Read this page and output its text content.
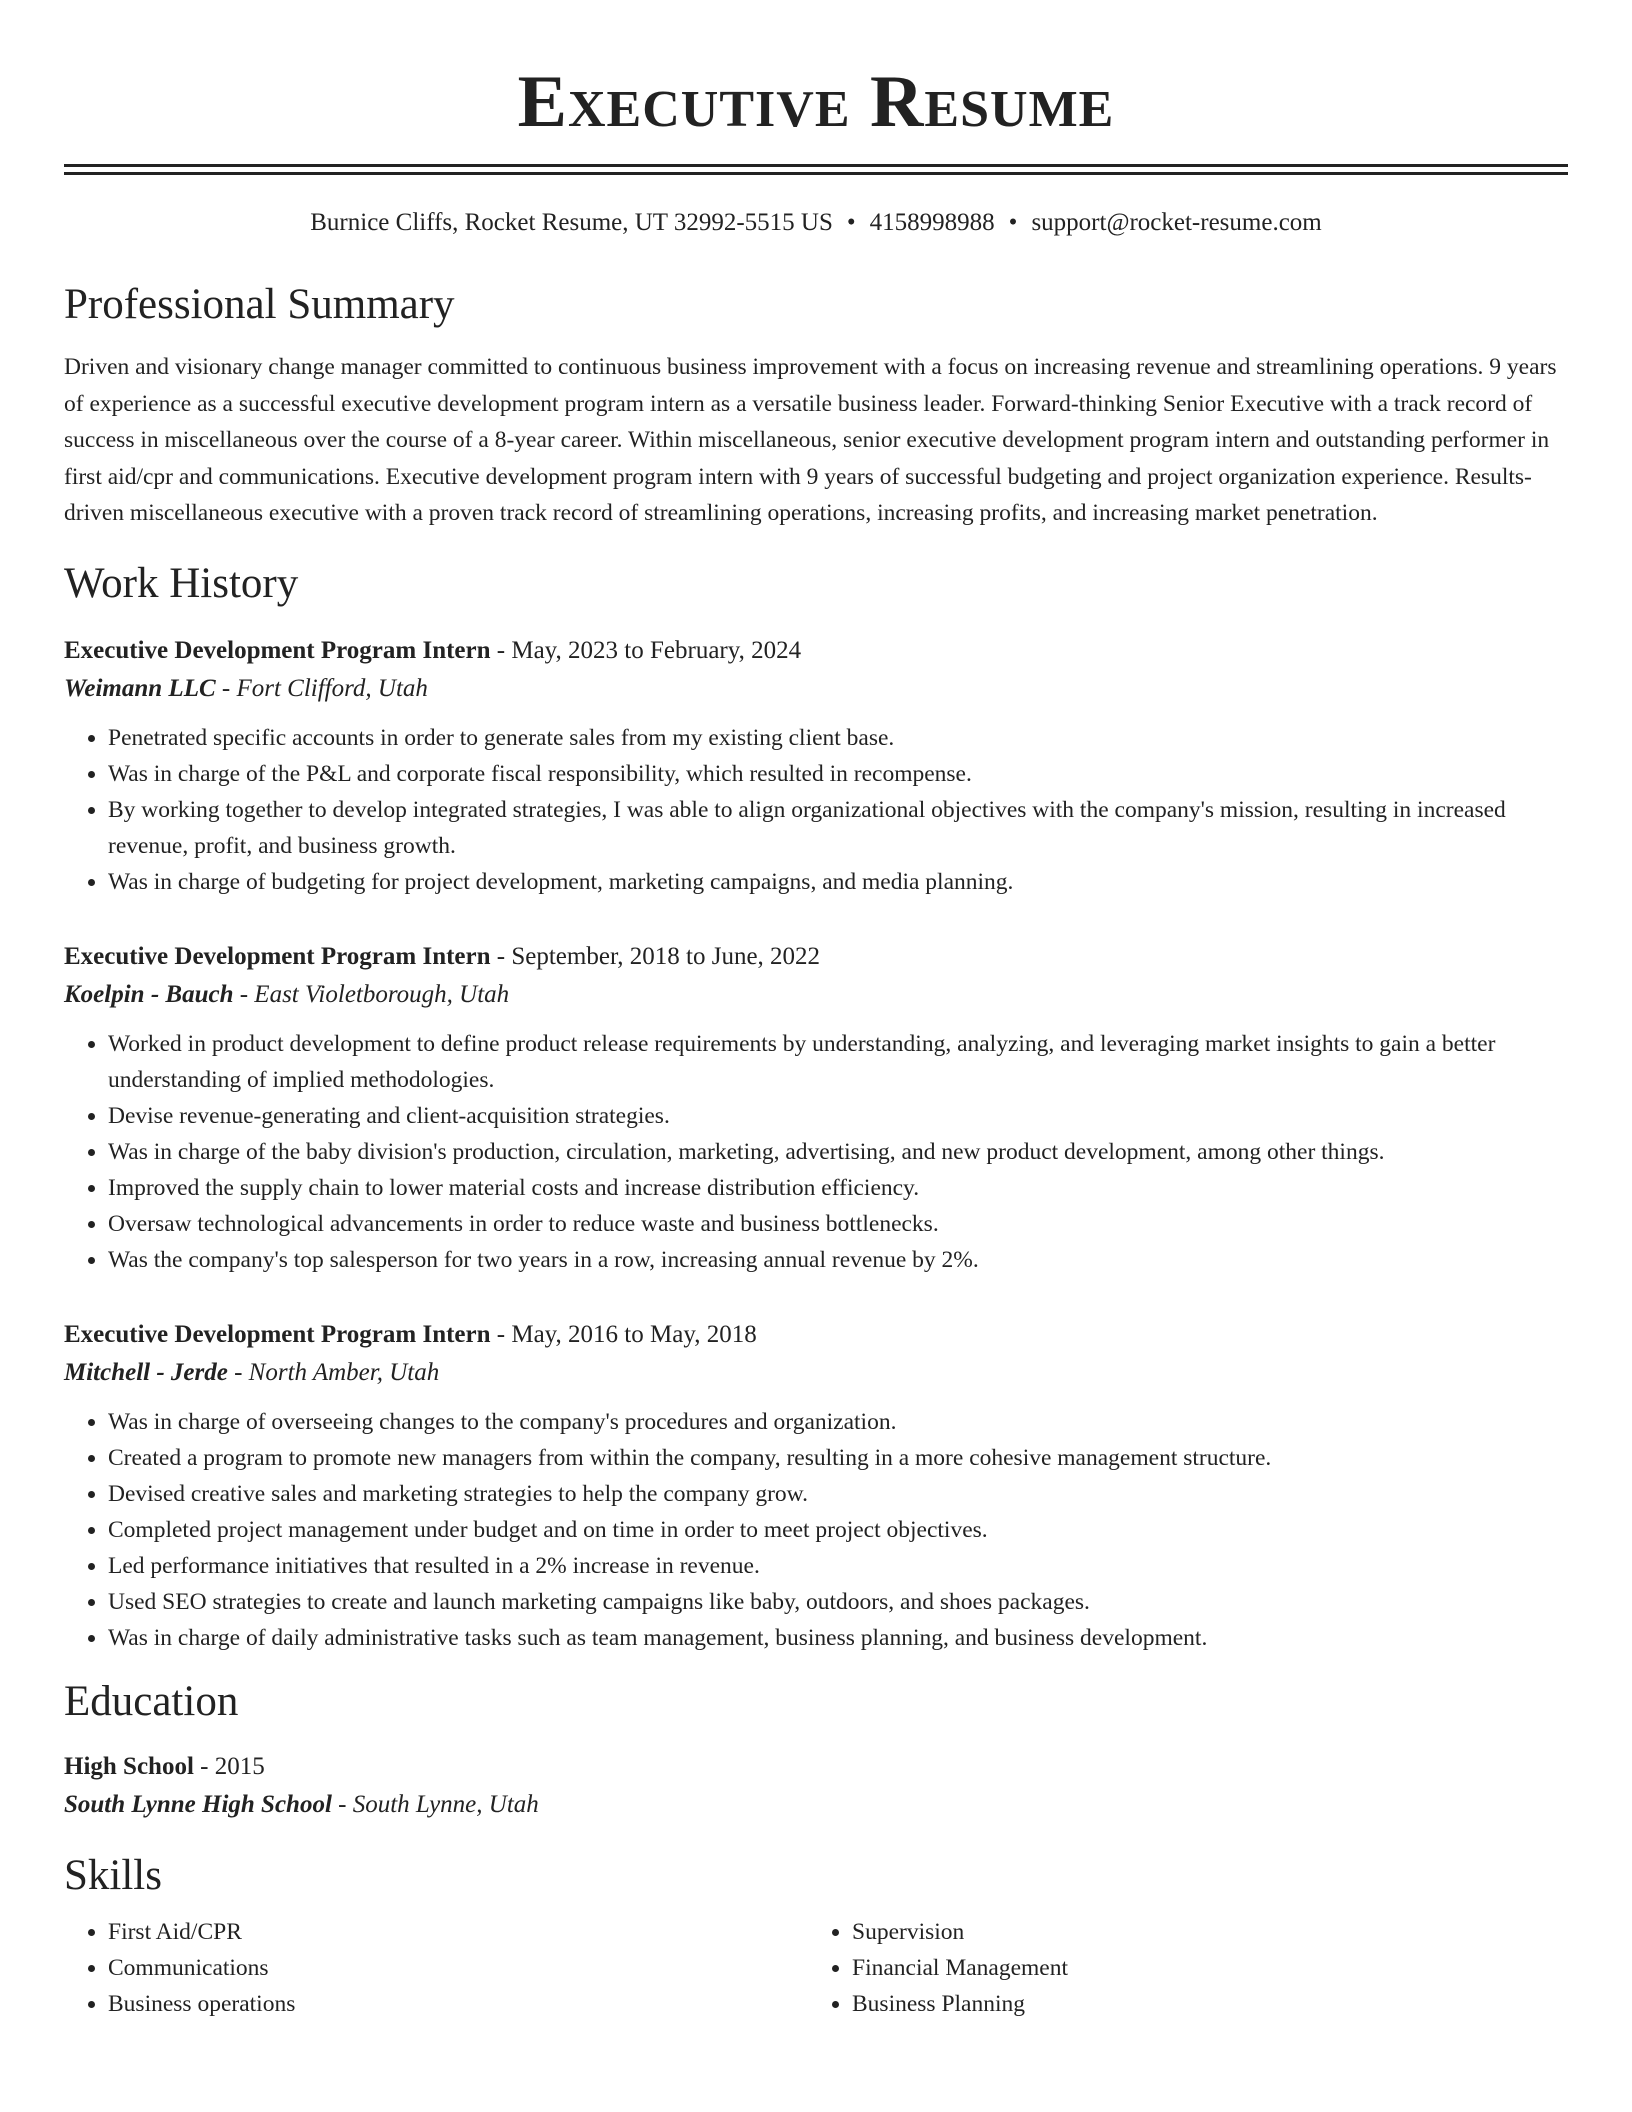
Executive Resume
Burnice Cliffs, Rocket Resume, UT 32992-5515 US • 4158998988 • support@rocket-resume.com
Professional Summary
Driven and visionary change manager committed to continuous business improvement with a focus on increasing revenue and streamlining operations. 9 years of experience as a successful executive development program intern as a versatile business leader. Forward-thinking Senior Executive with a track record of success in miscellaneous over the course of a 8-year career. Within miscellaneous, senior executive development program intern and outstanding performer in first aid/cpr and communications. Executive development program intern with 9 years of successful budgeting and project organization experience. Results-driven miscellaneous executive with a proven track record of streamlining operations, increasing profits, and increasing market penetration.
Work History
Executive Development Program Intern - May, 2023 to February, 2024
Weimann LLC - Fort Clifford, Utah
• Penetrated specific accounts in order to generate sales from my existing client base.
• Was in charge of the P&L and corporate fiscal responsibility, which resulted in recompense.
• By working together to develop integrated strategies, I was able to align organizational objectives with the company's mission, resulting in increased revenue, profit, and business growth.
• Was in charge of budgeting for project development, marketing campaigns, and media planning.
Executive Development Program Intern - September, 2018 to June, 2022
Koelpin - Bauch - East Violetborough, Utah
• Worked in product development to define product release requirements by understanding, analyzing, and leveraging market insights to gain a better understanding of implied methodologies.
• Devise revenue-generating and client-acquisition strategies.
• Was in charge of the baby division's production, circulation, marketing, advertising, and new product development, among other things.
• Improved the supply chain to lower material costs and increase distribution efficiency.
• Oversaw technological advancements in order to reduce waste and business bottlenecks.
• Was the company's top salesperson for two years in a row, increasing annual revenue by 2%.
Executive Development Program Intern - May, 2016 to May, 2018
Mitchell - Jerde - North Amber, Utah
• Was in charge of overseeing changes to the company's procedures and organization.
• Created a program to promote new managers from within the company, resulting in a more cohesive management structure.
• Devised creative sales and marketing strategies to help the company grow.
• Completed project management under budget and on time in order to meet project objectives.
• Led performance initiatives that resulted in a 2% increase in revenue.
• Used SEO strategies to create and launch marketing campaigns like baby, outdoors, and shoes packages.
• Was in charge of daily administrative tasks such as team management, business planning, and business development.
Education
High School - 2015
South Lynne High School - South Lynne, Utah
Skills
• First Aid/CPR
• Communications
• Business operations
• Supervision
• Financial Management
• Business Planning
